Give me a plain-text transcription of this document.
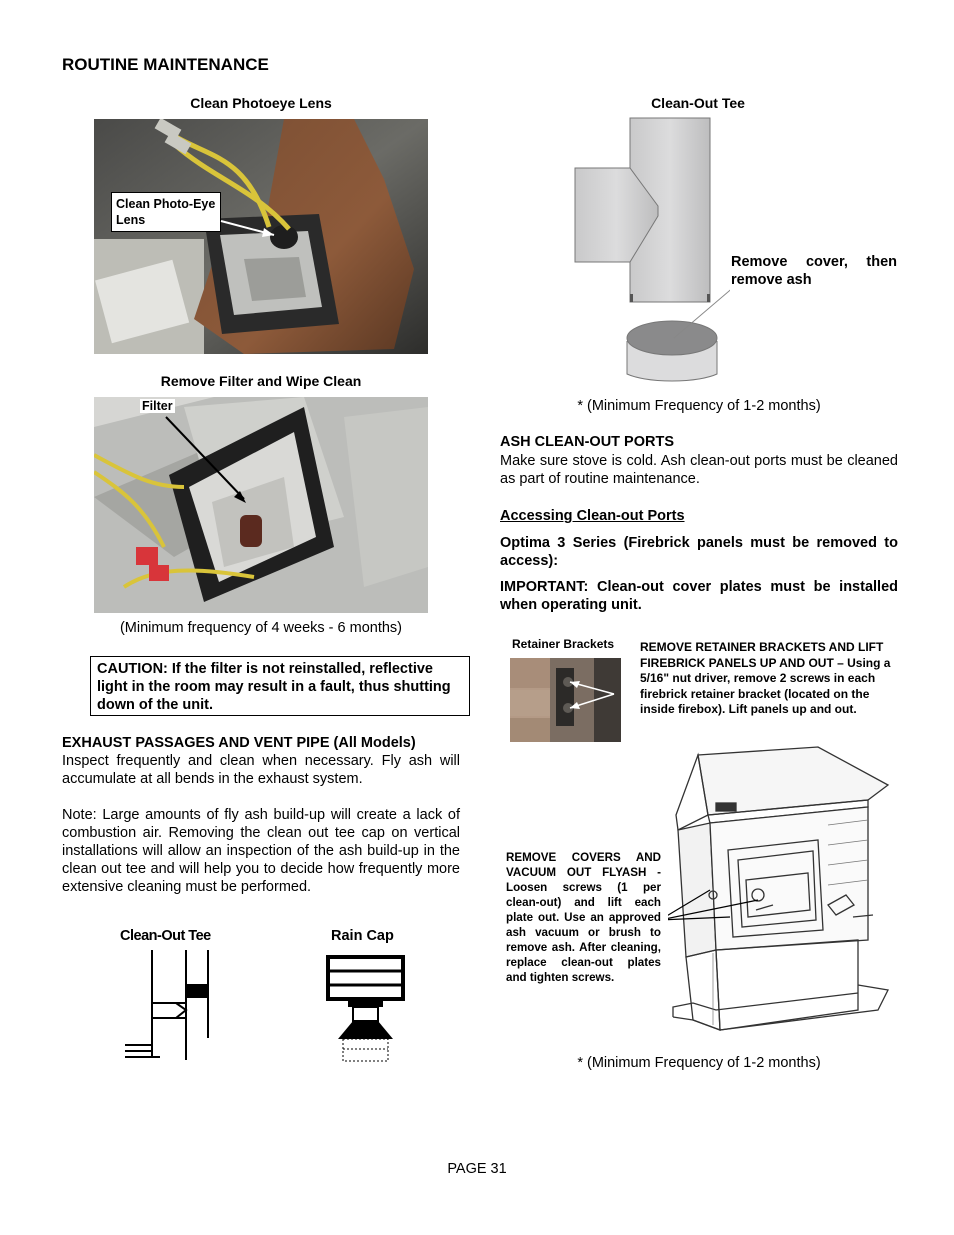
ROUTINE MAINTENANCE
Clean Photoeye Lens
Clean Photo-Eye Lens
Remove Filter and Wipe Clean
Filter
(Minimum frequency of 4 weeks - 6 months)
CAUTION: If the filter is not reinstalled, reflective light in the room may result in a fault, thus shutting down of the unit.
EXHAUST PASSAGES AND VENT PIPE (All Models)
Inspect frequently and clean when necessary. Fly ash will accumulate at all bends in the exhaust system.
Note: Large amounts of fly ash build-up will create a lack of combustion air. Removing the clean out tee cap on vertical installations will allow an inspection of the ash build-up in the clean out tee and will help you to decide how frequently more extensive cleaning must be performed.
Clean-Out Tee	Rain Cap
Clean-Out Tee
Remove cover, then remove ash
* (Minimum Frequency of 1-2 months)
ASH CLEAN-OUT PORTS
Make sure stove is cold. Ash clean-out ports must be cleaned as part of routine maintenance.
Accessing Clean-out Ports
Optima 3 Series (Firebrick panels must be removed to access):
IMPORTANT: Clean-out cover plates must be installed when operating unit.
Retainer Brackets REMOVE RETAINER BRACKETS AND LIFT FIREBRICK PANELS UP AND OUT – Using a 5/16" nut driver, remove 2 screws in each firebrick retainer bracket (located on the inside firebox). Lift panels up and out.
REMOVE COVERS AND VACUUM OUT FLYASH - Loosen screws (1 per clean-out) and lift each plate out. Use an approved ash vacuum or brush to remove ash. After cleaning, replace clean-out plates and tighten screws.
* (Minimum Frequency of 1-2 months)
PAGE 31
